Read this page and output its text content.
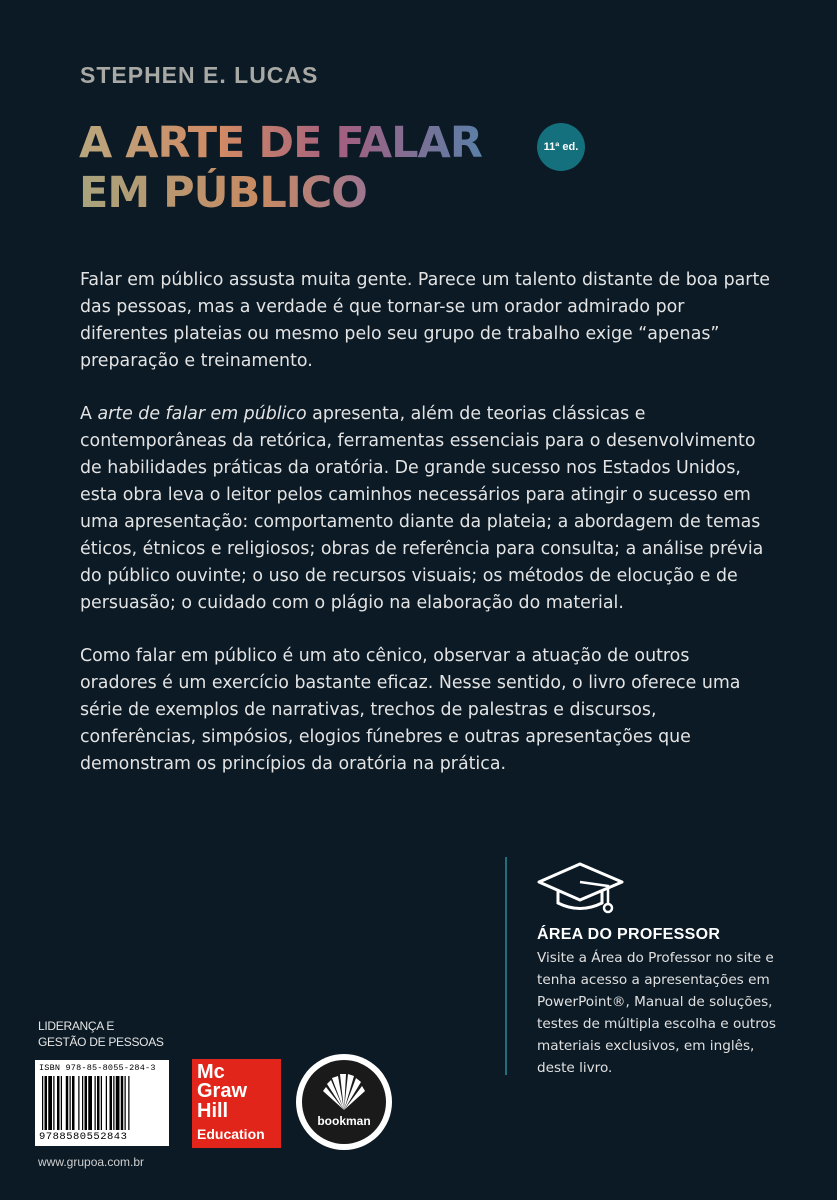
STEPHEN E. LUCAS
A ARTE DE FALAR
EM PÚBLICO
11ª ed.

Falar em público assusta muita gente. Parece um talento distante de boa parte das pessoas, mas a verdade é que tornar-se um orador admirado por diferentes plateias ou mesmo pelo seu grupo de trabalho exige “apenas” preparação e treinamento.

A arte de falar em público apresenta, além de teorias clássicas e contemporâneas da retórica, ferramentas essenciais para o desenvolvimento de habilidades práticas da oratória. De grande sucesso nos Estados Unidos, esta obra leva o leitor pelos caminhos necessários para atingir o sucesso em uma apresentação: comportamento diante da plateia; a abordagem de temas éticos, étnicos e religiosos; obras de referência para consulta; a análise prévia do público ouvinte; o uso de recursos visuais; os métodos de elocução e de persuasão; o cuidado com o plágio na elaboração do material.

Como falar em público é um ato cênico, observar a atuação de outros oradores é um exercício bastante eficaz. Nesse sentido, o livro oferece uma série de exemplos de narrativas, trechos de palestras e discursos, conferências, simpósios, elogios fúnebres e outras apresentações que demonstram os princípios da oratória na prática.

ÁREA DO PROFESSOR
Visite a Área do Professor no site e tenha acesso a apresentações em PowerPoint®, Manual de soluções, testes de múltipla escolha e outros materiais exclusivos, em inglês, deste livro.
LIDERANÇA E
GESTÃO DE PESSOAS
ISBN 978-85-8055-284-3
9788580552843
Mc
Graw
Hill
Education
bookman
www.grupoa.com.br
